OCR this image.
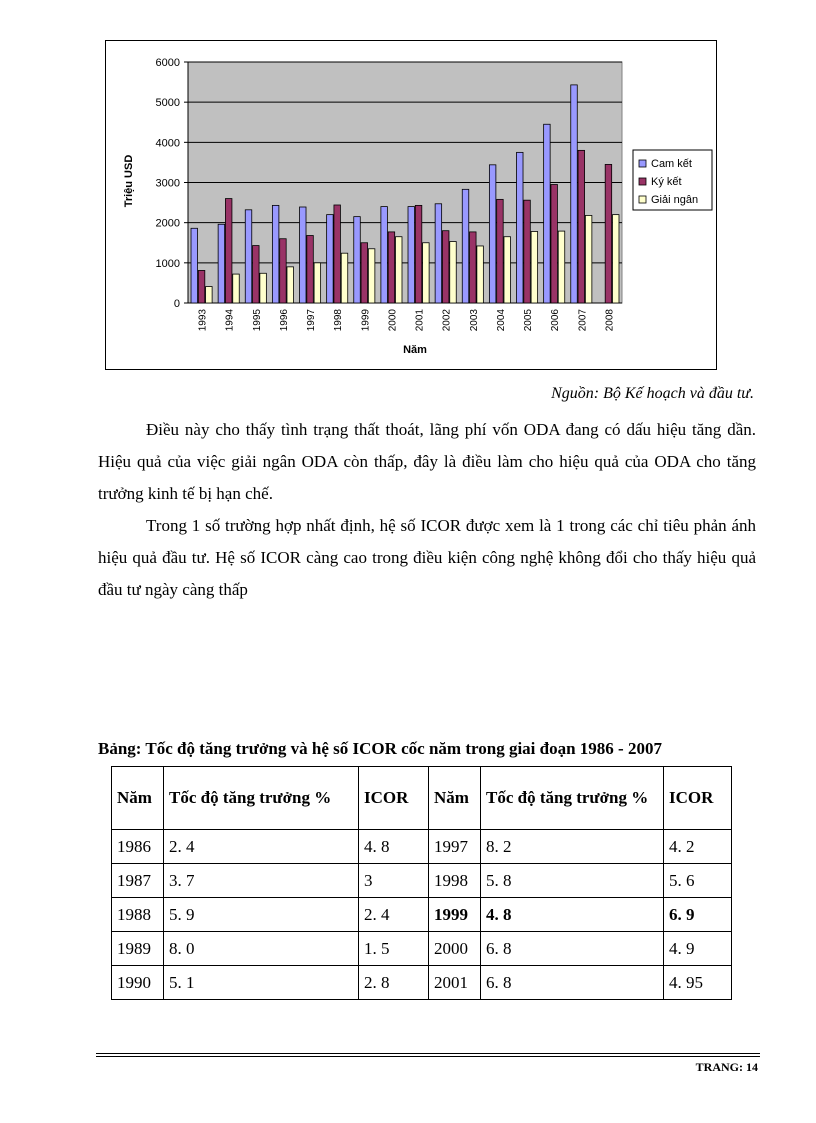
0
1000
2000
3000
4000
5000
6000
1993 1994 1995 1996 1997 1998 1999 2000 2001 2002 2003 2004 2005 2006 2007 2008
Năm
Triệu USD	Cam kết
Ký kết
Giải ngân
Nguồn: Bộ Kế hoạch và đầu tư.

Điều này cho thấy tình trạng thất thoát, lãng phí vốn ODA đang có dấu hiệu tăng dần. Hiệu quả của việc giải ngân ODA còn thấp, đây là điều làm cho hiệu quả của ODA cho tăng trưởng kinh tế bị hạn chế.

Trong 1 số trường hợp nhất định, hệ số ICOR được xem là 1 trong các chỉ tiêu phản ánh hiệu quả đầu tư. Hệ số ICOR càng cao trong điều kiện công nghệ không đổi cho thấy hiệu quả đầu tư ngày càng thấp

Bảng: Tốc độ tăng trưởng và hệ số ICOR cốc năm trong giai đoạn 1986 - 2007

Năm	Tốc độ tăng trưởng %	ICOR	Năm	Tốc độ tăng trưởng %	ICOR
1986	2. 4	4. 8	1997	8. 2	4. 2
1987	3. 7	3	1998	5. 8	5. 6
1988	5. 9	2. 4	1999	4. 8	6. 9
1989	8. 0	1. 5	2000	6. 8	4. 9
1990	5. 1	2. 8	2001	6. 8	4. 95
TRANG: 14
